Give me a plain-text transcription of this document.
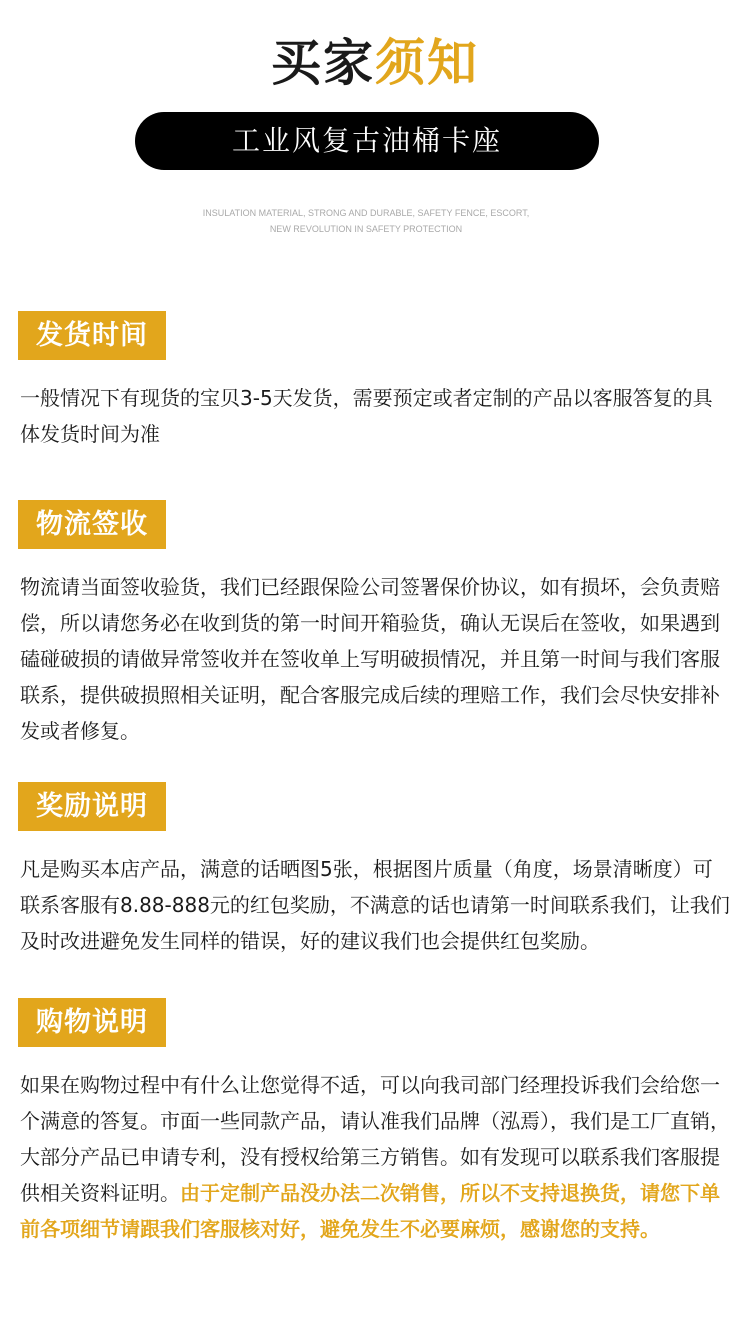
买家须知
工业风复古油桶卡座
INSULATION MATERIAL, STRONG AND DURABLE, SAFETY FENCE, ESCORT,
NEW REVOLUTION IN SAFETY PROTECTION
发货时间
一般情况下有现货的宝贝3-5天发货，需要预定或者定制的产品以客服答复的具体发货时间为准
物流签收
物流请当面签收验货，我们已经跟保险公司签署保价协议，如有损坏，会负责赔偿，所以请您务必在收到货的第一时间开箱验货，确认无误后在签收，如果遇到磕碰破损的请做异常签收并在签收单上写明破损情况，并且第一时间与我们客服联系，提供破损照相关证明，配合客服完成后续的理赔工作，我们会尽快安排补发或者修复。
奖励说明
凡是购买本店产品，满意的话晒图5张，根据图片质量（角度，场景清晰度）可联系客服有8.88-888元的红包奖励，不满意的话也请第一时间联系我们，让我们及时改进避免发生同样的错误，好的建议我们也会提供红包奖励。
购物说明
如果在购物过程中有什么让您觉得不适，可以向我司部门经理投诉我们会给您一个满意的答复。市面一些同款产品，请认准我们品牌（泓焉），我们是工厂直销，大部分产品已申请专利，没有授权给第三方销售。如有发现可以联系我们客服提供相关资料证明。由于定制产品没办法二次销售，所以不支持退换货，请您下单前各项细节请跟我们客服核对好，避免发生不必要麻烦，感谢您的支持。
